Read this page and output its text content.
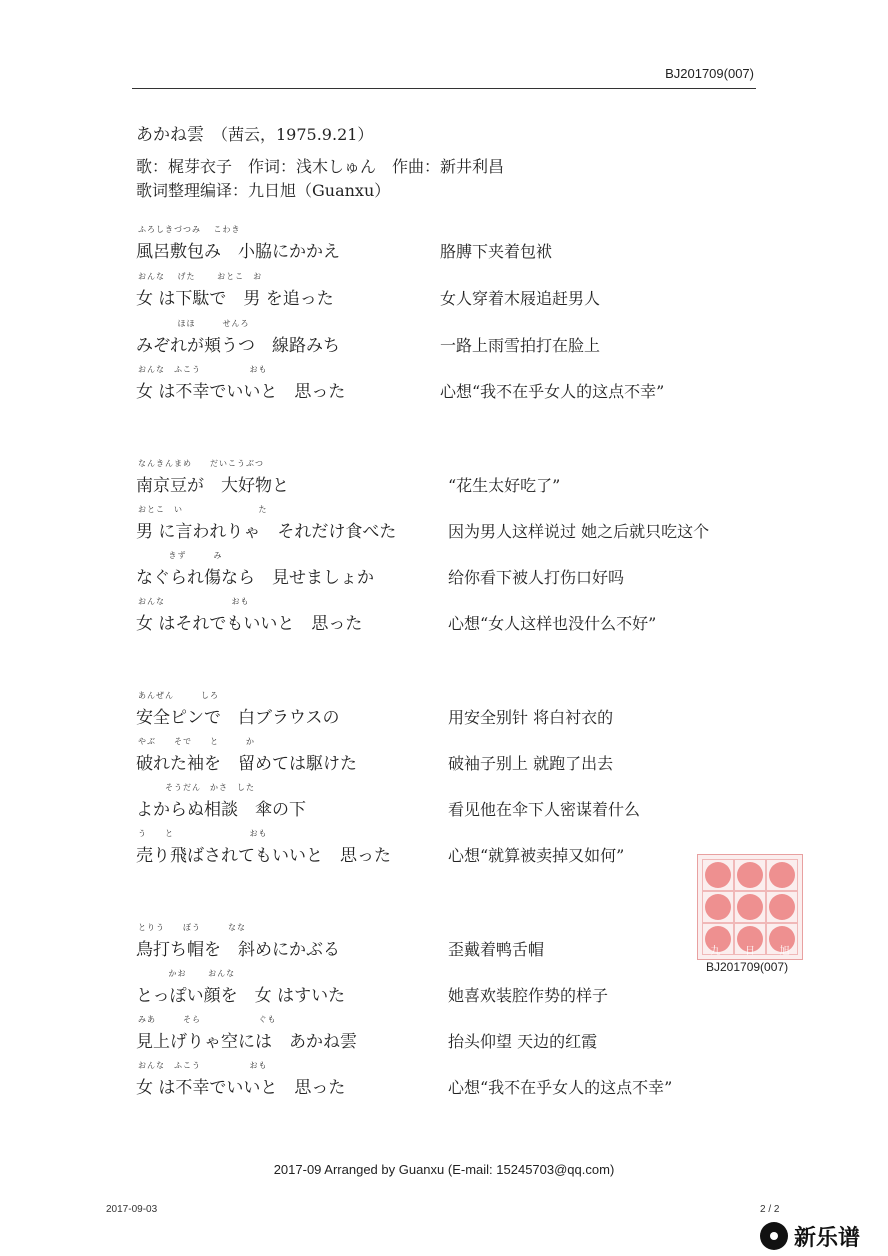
BJ201709(007)
あかね雲 （茜云，1975.9.21）
歌：梶芽衣子　作词：浅木しゅん　作曲：新井利昌
歌词整理编译：九日旭（Guanxu）
ふろしきづつみ　 こわき
風呂敷包み　小脇にかかえ	胳膊下夹着包袱
おんな　 げた　　 おとこ　お
女 は下駄で　男 を追った	女人穿着木屐追赶男人
　　　　 ほほ　　　せんろ
みぞれが頬うつ　線路みち	一路上雨雪拍打在脸上
おんな　ふこう　　　　　 おも
女 は不幸でいいと　思った	心想“我不在乎女人的这点不幸”
なんきんまめ　　だいこうぶつ
南京豆が　大好物と	“花生太好吃了”
おとこ　い　　　　　　　　 た
男 に言われりゃ　それだけ食べた	因为男人这样说过 她之后就只吃这个
　　　 きず　　　み
なぐられ傷なら　見せましょか	给你看下被人打伤口好吗
おんな　　　　　　　 おも
女 はそれでもいいと　思った	心想“女人这样也没什么不好”
あんぜん　　　しろ
安全ピンで　白ブラウスの	用安全别针 将白衬衣的
やぶ　　そで　　と　　　か
破れた袖を　留めては駆けた	破袖子别上 就跑了出去
　　　そうだん　かさ　した
よからぬ相談　傘の下	看见他在伞下人密谋着什么
う　　と　　　　　　　　 おも
売り飛ばされてもいいと　思った	心想“就算被卖掉又如何”
とりう　　ぼう　　　なな
鳥打ち帽を　斜めにかぶる	歪戴着鸭舌帽
　　　 かお　　 おんな
とっぽい顔を　女 はすいた	她喜欢装腔作势的样子
みあ　　　そら　　　　　　 ぐも
見上げりゃ空には　あかね雲	抬头仰望 天边的红霞
おんな　ふこう　　　　　 おも
女 は不幸でいいと　思った	心想“我不在乎女人的这点不幸”
九 日 旭
BJ201709(007)
2017-09 Arranged by Guanxu (E-mail: 15245703@qq.com)
2017-09-03	2 / 2
新乐谱
